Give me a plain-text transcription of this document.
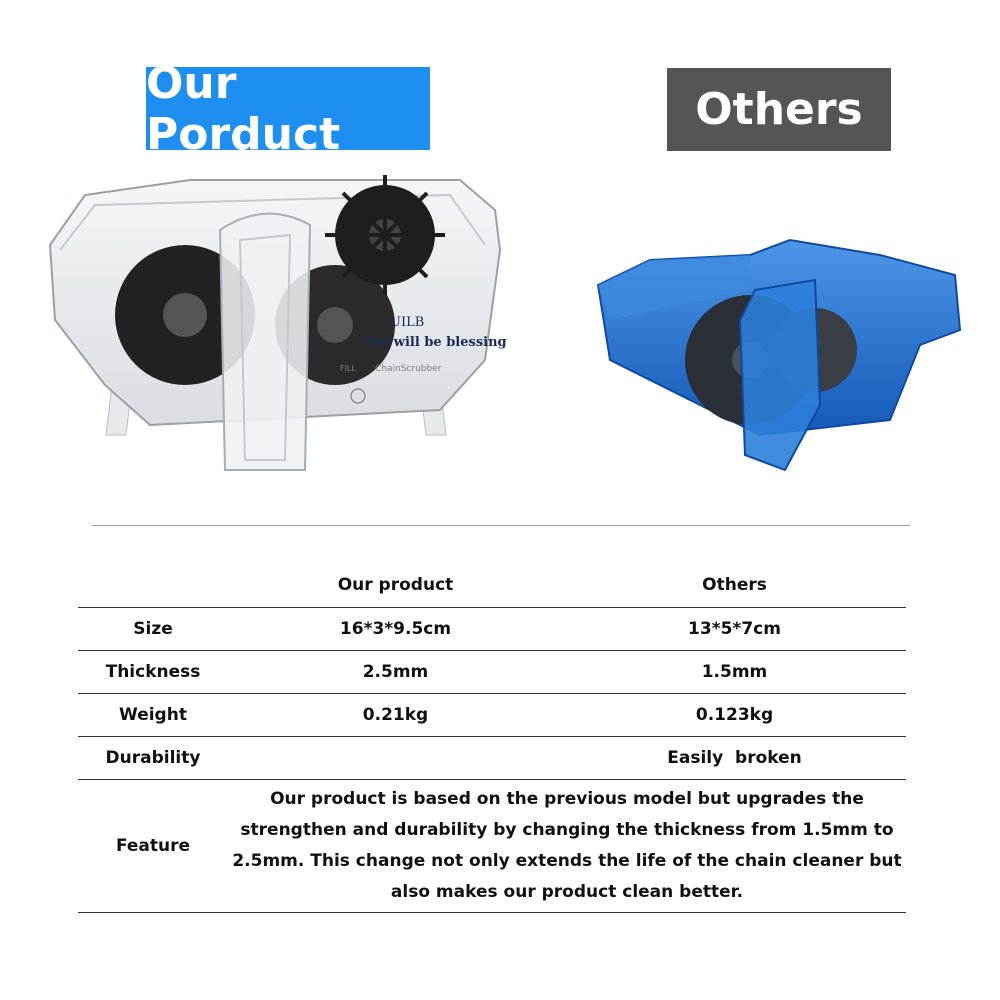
Our Porduct	Others
UILB
You will be blessing
ChainScrubber
FILL
	Our product	Others
Size	16*3*9.5cm	13*5*7cm
Thickness	2.5mm	1.5mm
Weight	0.21kg	0.123kg
Durability		Easily  broken
Feature	Our product is based on the previous model but upgrades the strengthen and durability by changing the thickness from 1.5mm to 2.5mm. This change not only extends the life of the chain cleaner but also makes our product clean better.	
